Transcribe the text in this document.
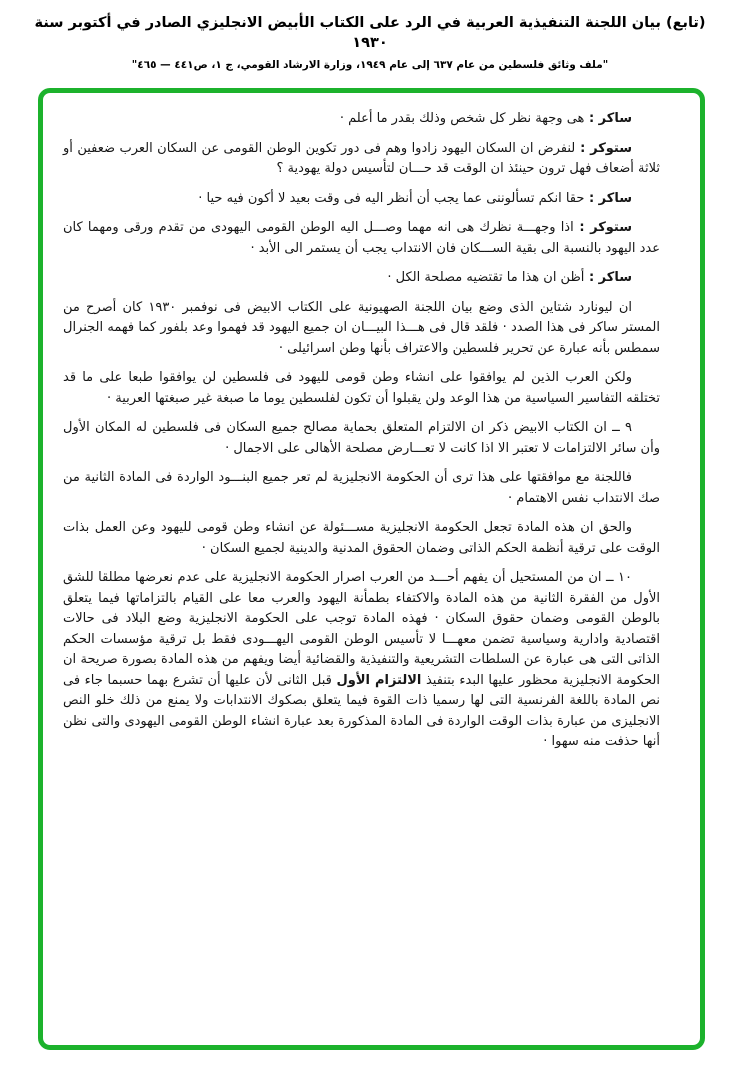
(تابع) بيان اللجنة التنفيذية العربية في الرد على الكتاب الأبيض الانجليزي الصادر في أكتوبر سنة ١٩٣٠
"ملف وثائق فلسطين من عام ٦٣٧ إلى عام ١٩٤٩، وزارة الارشاد القومي، ج ١، ص٤٤١ — ٤٦٥"

ساكر : هى وجهة نظر كل شخص وذلك بقدر ما أعلم ·

ستوكر : لنفرض ان السكان اليهود زادوا وهم فى دور تكوين الوطن القومى عن السكان العرب ضعفين أو ثلاثة أضعاف فهل ترون حينئذ ان الوقت قد حـــان لتأسيس دولة يهودية ؟

ساكر : حقا انكم تسألوننى عما يجب أن أنظر اليه فى وقت بعيد لا أكون فيه حيا ·

ستوكر : اذا وجهـــة نظرك هى انه مهما وصـــل اليه الوطن القومى اليهودى من تقدم ورقى ومهما كان عدد اليهود بالنسبة الى بقية الســـكان فان الانتداب يجب أن يستمر الى الأبد ·

ساكر : أظن ان هذا ما تقتضيه مصلحة الكل ·

ان ليونارد شتاين الذى وضع بيان اللجنة الصهيونية على الكتاب الابيض فى نوفمبر ١٩٣٠ كان أصرح من المستر ساكر فى هذا الصدد · فلقد قال فى هـــذا البيـــان ان جميع اليهود قد فهموا وعد بلفور كما فهمه الجنرال سمطس بأنه عبارة عن تحرير فلسطين والاعتراف بأنها وطن اسرائيلى ·

ولكن العرب الذين لم يوافقوا على انشاء وطن قومى لليهود فى فلسطين لن يوافقوا طبعا على ما قد تختلقه التفاسير السياسية من هذا الوعد ولن يقبلوا أن تكون لفلسطين يوما ما صبغة غير صبغتها العربية ·

٩ ــ ان الكتاب الابيض ذكر ان الالتزام المتعلق بحماية مصالح جميع السكان فى فلسطين له المكان الأول وأن سائر الالتزامات لا تعتبر الا اذا كانت لا تعـــارض مصلحة الأهالى على الاجمال ·

فاللجنة مع موافقتها على هذا ترى أن الحكومة الانجليزية لم تعر جميع البنـــود الواردة فى المادة الثانية من صك الانتداب نفس الاهتمام ·

والحق ان هذه المادة تجعل الحكومة الانجليزية مســـئولة عن انشاء وطن قومى لليهود وعن العمل بذات الوقت على ترقية أنظمة الحكم الذاتى وضمان الحقوق المدنية والدينية لجميع السكان ·

١٠ ــ ان من المستحيل أن يفهم أحـــد من العرب اصرار الحكومة الانجليزية على عدم نعرضها مطلقا للشق الأول من الفقرة الثانية من هذه المادة والاكتفاء بطمأنة اليهود والعرب معا على القيام بالتزاماتها فيما يتعلق بالوطن القومى وضمان حقوق السكان · فهذه المادة توجب على الحكومة الانجليزية وضع البلاد فى حالات اقتصادية وادارية وسياسية تضمن معهـــا لا تأسيس الوطن القومى اليهـــودى فقط بل ترقية مؤسسات الحكم الذاتى التى هى عبارة عن السلطات التشريعية والتنفيذية والقضائية أيضا ويفهم من هذه المادة بصورة صريحة ان الحكومة الانجليزية محظور عليها البدء بتنفيذ الالتزام الأول قبل الثانى لأن عليها أن تشرع بهما حسبما جاء فى نص المادة باللغة الفرنسية التى لها رسميا ذات القوة فيما يتعلق بصكوك الانتدابات ولا يمنع من ذلك خلو النص الانجليزى من عبارة بذات الوقت الواردة فى المادة المذكورة بعد عبارة انشاء الوطن القومى اليهودى والتى نظن أنها حذفت منه سهوا ·
